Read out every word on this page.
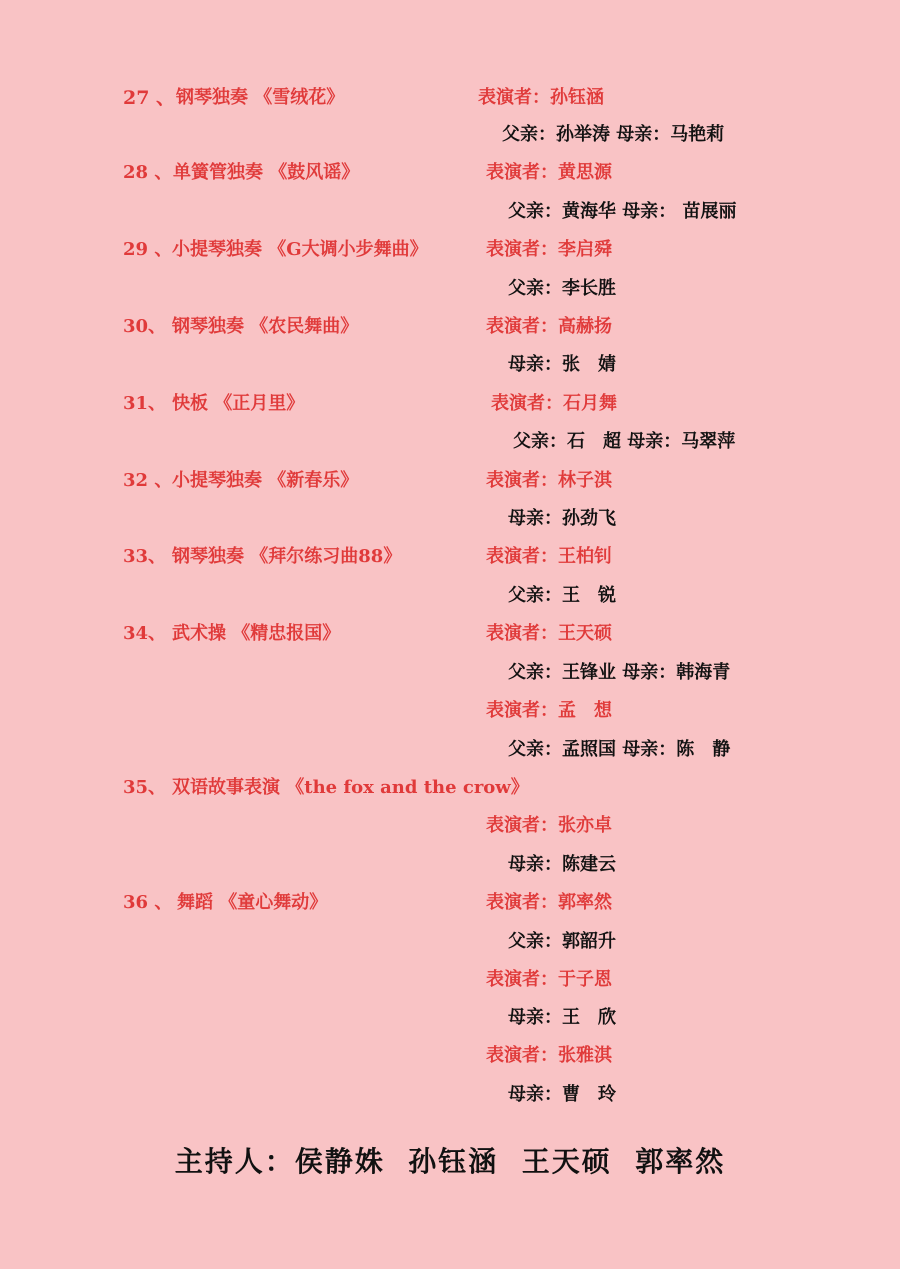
27 、 钢琴独奏 《雪绒花》	表演者：孙钰涵
父亲：孙举涛 母亲：马艳莉
28 、 单簧管独奏 《鼓风谣》	表演者：黄思源
父亲：黄海华 母亲： 苗展丽
29 、 小提琴独奏 《G大调小步舞曲》	表演者：李启舜
父亲：李长胜
30、 钢琴独奏 《农民舞曲》	表演者：高赫扬
母亲：张　婧
31、 快板 《正月里》	表演者：石月舞
父亲：石　超 母亲：马翠萍
32 、 小提琴独奏 《新春乐》	表演者：林子淇
母亲：孙劲飞
33、 钢琴独奏 《拜尔练习曲88》	表演者：王柏钊
父亲：王　锐
34、 武术操 《精忠报国》	表演者：王天硕
父亲：王锋业 母亲：韩海青
表演者：孟　想
父亲：孟照国 母亲：陈　静
35、 双语故事表演 《the fox and the crow》
表演者：张亦卓
母亲：陈建云
36 、 舞蹈 《童心舞动》	表演者：郭率然
父亲：郭韶升
表演者：于子恩
母亲：王　欣
表演者：张雅淇
母亲：曹　玲
主持人：侯静姝  孙钰涵  王天硕  郭率然
